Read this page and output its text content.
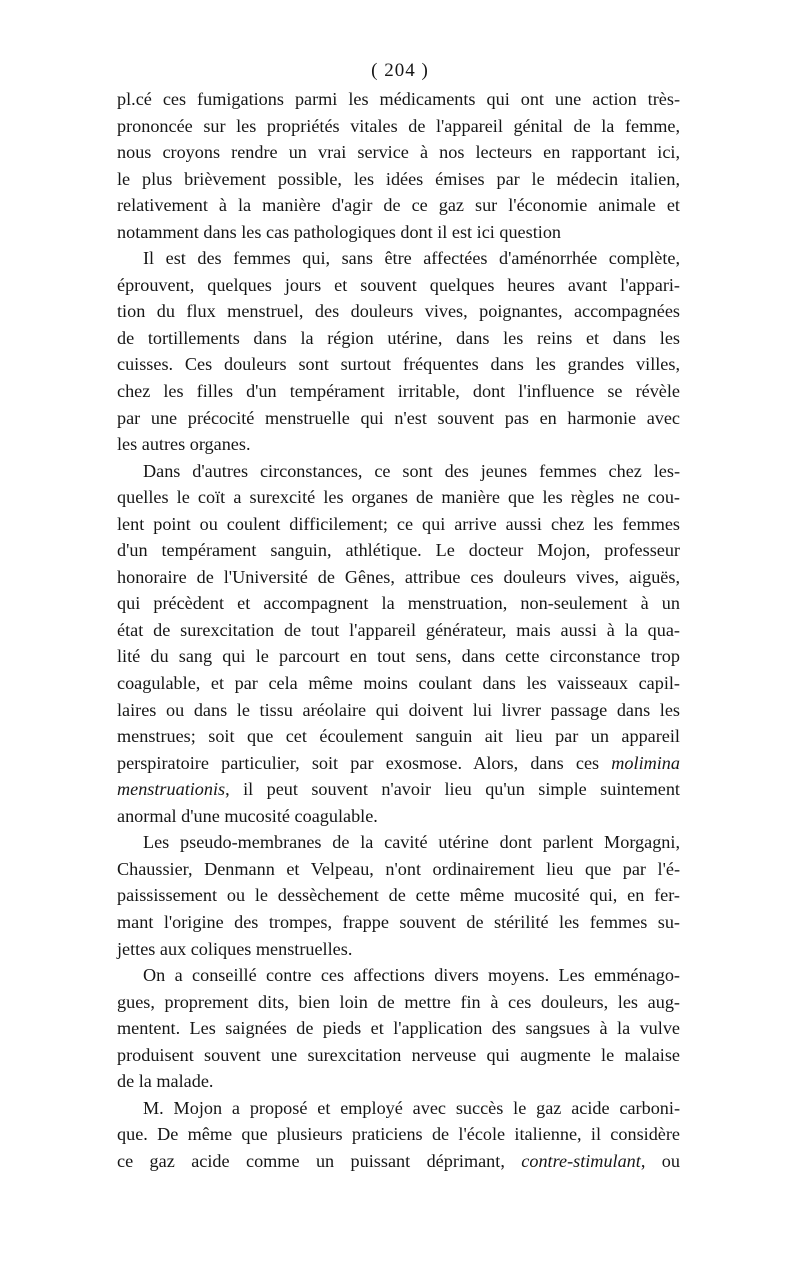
( 204 )
pl.cé ces fumigations parmi les médicaments qui ont une action très-
prononcée sur les propriétés vitales de l'appareil génital de la femme,
nous croyons rendre un vrai service à nos lecteurs en rapportant ici,
le plus brièvement possible, les idées émises par le médecin italien,
relativement à la manière d'agir de ce gaz sur l'économie animale et
notamment dans les cas pathologiques dont il est ici question
Il est des femmes qui, sans être affectées d'aménorrhée complète,
éprouvent, quelques jours et souvent quelques heures avant l'appari-
tion du flux menstruel, des douleurs vives, poignantes, accompagnées
de tortillements dans la région utérine, dans les reins et dans les
cuisses. Ces douleurs sont surtout fréquentes dans les grandes villes,
chez les filles d'un tempérament irritable, dont l'influence se révèle
par une précocité menstruelle qui n'est souvent pas en harmonie avec
les autres organes.
Dans d'autres circonstances, ce sont des jeunes femmes chez les-
quelles le coït a surexcité les organes de manière que les règles ne cou-
lent point ou coulent difficilement; ce qui arrive aussi chez les femmes
d'un tempérament sanguin, athlétique. Le docteur Mojon, professeur
honoraire de l'Université de Gênes, attribue ces douleurs vives, aiguës,
qui précèdent et accompagnent la menstruation, non-seulement à un
état de surexcitation de tout l'appareil générateur, mais aussi à la qua-
lité du sang qui le parcourt en tout sens, dans cette circonstance trop
coagulable, et par cela même moins coulant dans les vaisseaux capil-
laires ou dans le tissu aréolaire qui doivent lui livrer passage dans les
menstrues; soit que cet écoulement sanguin ait lieu par un appareil
perspiratoire particulier, soit par exosmose. Alors, dans ces molimina
menstruationis, il peut souvent n'avoir lieu qu'un simple suintement
anormal d'une mucosité coagulable.
Les pseudo-membranes de la cavité utérine dont parlent Morgagni,
Chaussier, Denmann et Velpeau, n'ont ordinairement lieu que par l'é-
paississement ou le dessèchement de cette même mucosité qui, en fer-
mant l'origine des trompes, frappe souvent de stérilité les femmes su-
jettes aux coliques menstruelles.
On a conseillé contre ces affections divers moyens. Les emménago-
gues, proprement dits, bien loin de mettre fin à ces douleurs, les aug-
mentent. Les saignées de pieds et l'application des sangsues à la vulve
produisent souvent une surexcitation nerveuse qui augmente le malaise
de la malade.
M. Mojon a proposé et employé avec succès le gaz acide carboni-
que. De même que plusieurs praticiens de l'école italienne, il considère
ce gaz acide comme un puissant déprimant, contre-stimulant, ou
